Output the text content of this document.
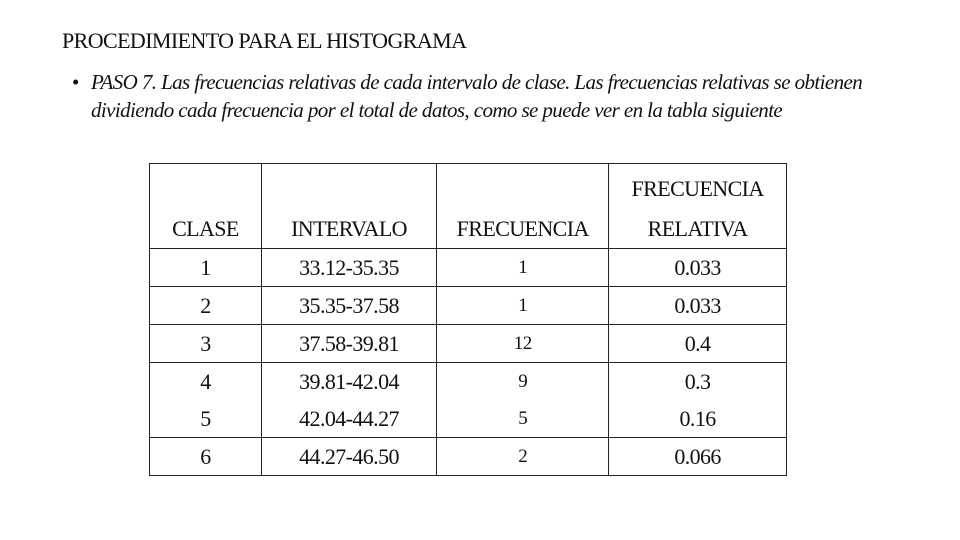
PROCEDIMIENTO PARA EL HISTOGRAMA
• PASO 7. Las frecuencias relativas de cada intervalo de clase. Las frecuencias relativas se obtienen
dividiendo cada frecuencia por el total de datos, como se puede ver en la tabla siguiente
CLASE	INTERVALO	FRECUENCIA	FRECUENCIA
RELATIVA
1	33.12-35.35	1	0.033
2	35.35-37.58	1	0.033
3	37.58-39.81	12	0.4
4	39.81-42.04	9	0.3
5	42.04-44.27	5	0.16
6	44.27-46.50	2	0.066
